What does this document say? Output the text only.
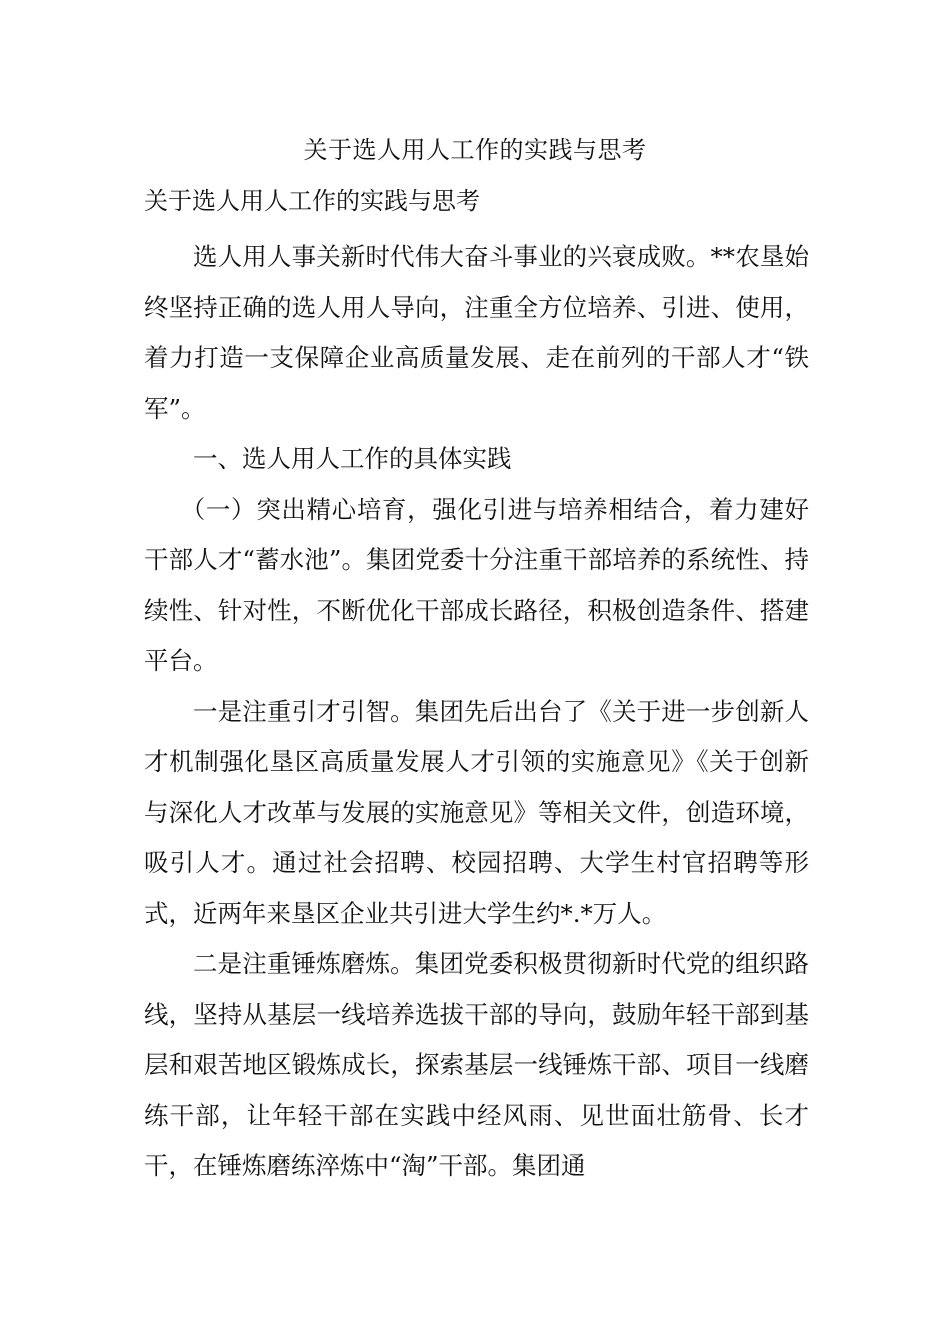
关于选人用人工作的实践与思考
关于选人用人工作的实践与思考

选人用人事关新时代伟大奋斗事业的兴衰成败。**农垦始终坚持正确的选人用人导向，注重全方位培养、引进、使用，着力打造一支保障企业高质量发展、走在前列的干部人才“铁军”。

一、选人用人工作的具体实践

（一）突出精心培育，强化引进与培养相结合，着力建好干部人才“蓄水池”。集团党委十分注重干部培养的系统性、持续性、针对性，不断优化干部成长路径，积极创造条件、搭建平台。

一是注重引才引智。集团先后出台了《关于进一步创新人才机制强化垦区高质量发展人才引领的实施意见》《关于创新与深化人才改革与发展的实施意见》等相关文件，创造环境，吸引人才。通过社会招聘、校园招聘、大学生村官招聘等形式，近两年来垦区企业共引进大学生约*.*万人。

二是注重锤炼磨炼。集团党委积极贯彻新时代党的组织路线，坚持从基层一线培养选拔干部的导向，鼓励年轻干部到基层和艰苦地区锻炼成长，探索基层一线锤炼干部、项目一线磨练干部，让年轻干部在实践中经风雨、见世面壮筋骨、长才干，在锤炼磨练淬炼中“淘”干部。集团通
